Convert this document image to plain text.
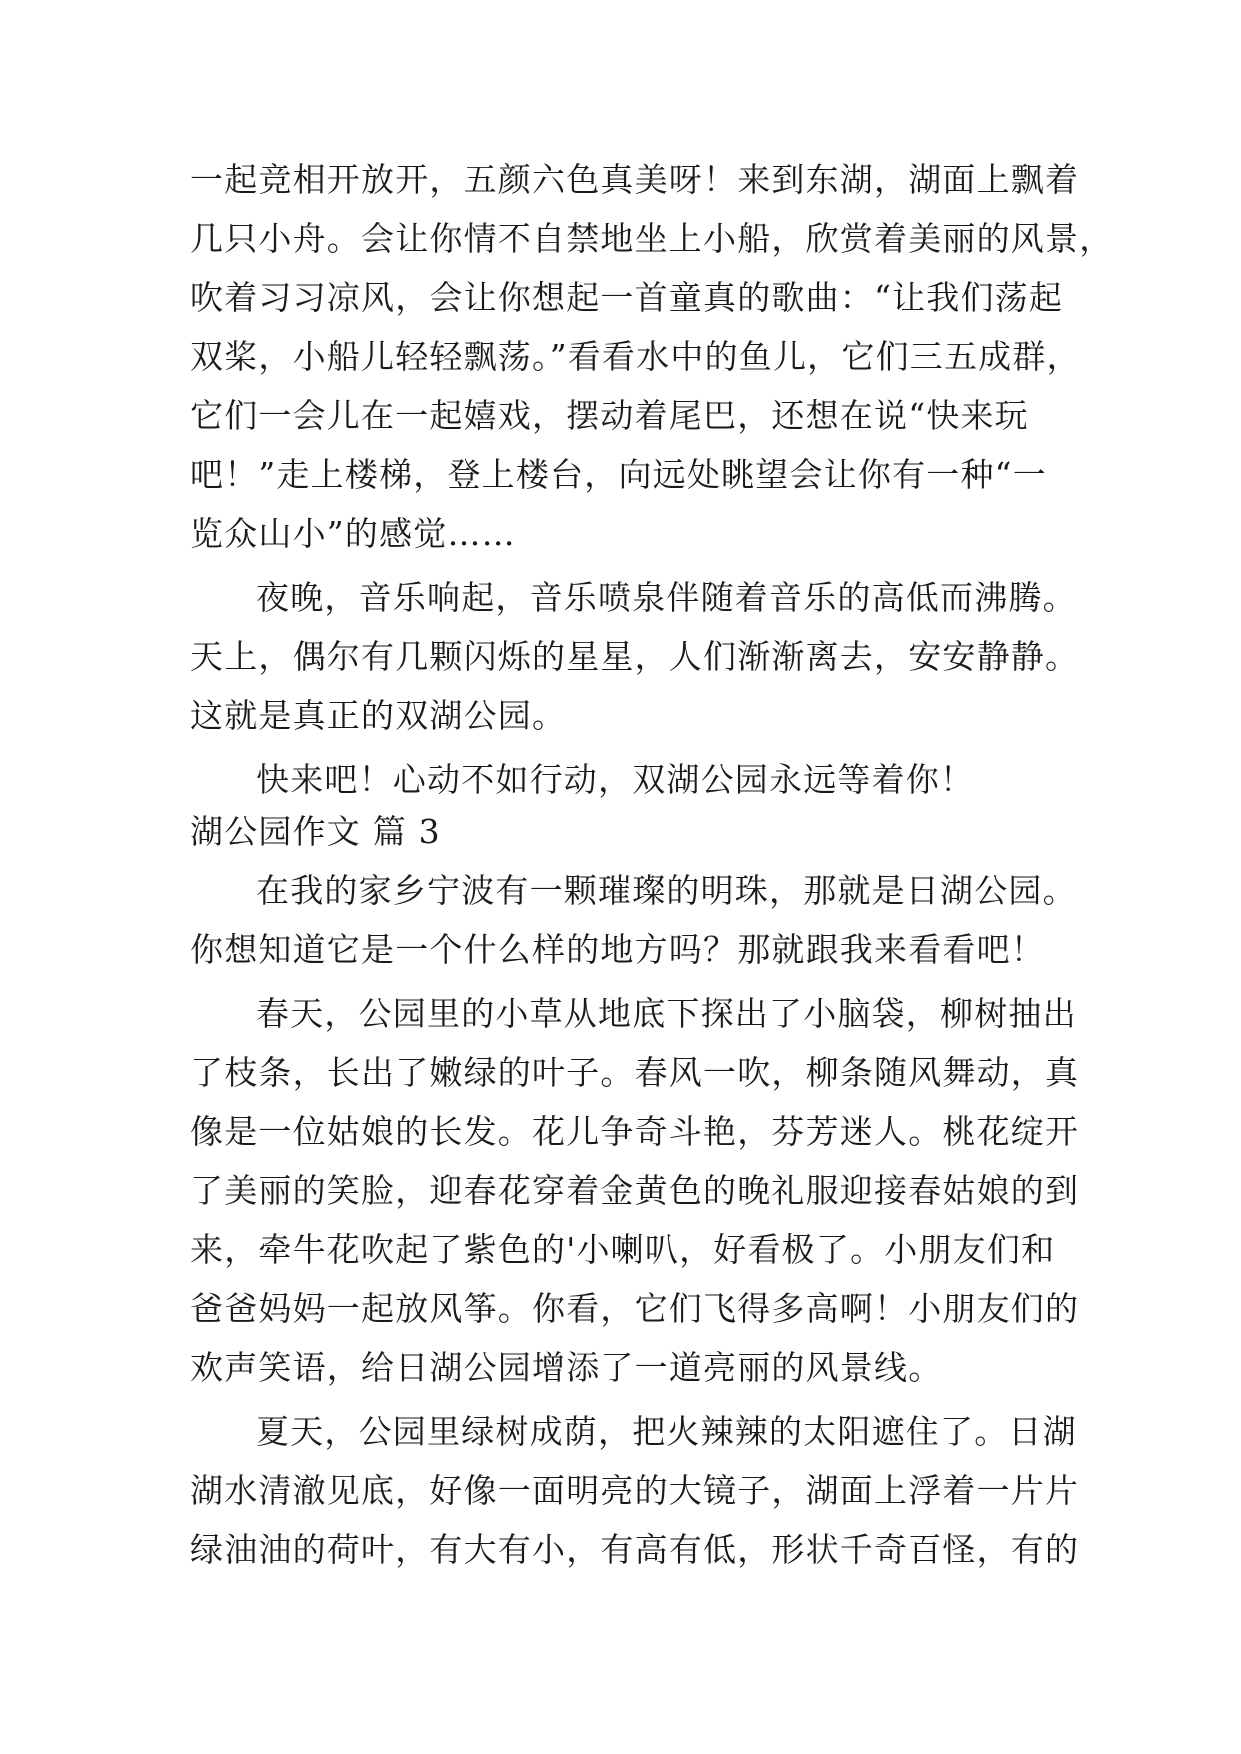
一起竞相开放开，五颜六色真美呀！来到东湖，湖面上飘着
几只小舟。会让你情不自禁地坐上小船，欣赏着美丽的风景，
吹着习习凉风，会让你想起一首童真的歌曲：“让我们荡起
双桨，小船儿轻轻飘荡。”看看水中的鱼儿，它们三五成群，
它们一会儿在一起嬉戏，摆动着尾巴，还想在说“快来玩
吧！”走上楼梯，登上楼台，向远处眺望会让你有一种“一
览众山小”的感觉……
夜晚，音乐响起，音乐喷泉伴随着音乐的高低而沸腾。
天上，偶尔有几颗闪烁的星星，人们渐渐离去，安安静静。
这就是真正的双湖公园。
快来吧！心动不如行动，双湖公园永远等着你！
湖公园作文 篇 3
在我的家乡宁波有一颗璀璨的明珠，那就是日湖公园。
你想知道它是一个什么样的地方吗？那就跟我来看看吧！
春天，公园里的小草从地底下探出了小脑袋，柳树抽出
了枝条，长出了嫩绿的叶子。春风一吹，柳条随风舞动，真
像是一位姑娘的长发。花儿争奇斗艳，芬芳迷人。桃花绽开
了美丽的笑脸，迎春花穿着金黄色的晚礼服迎接春姑娘的到
来，牵牛花吹起了紫色的'小喇叭，好看极了。小朋友们和
爸爸妈妈一起放风筝。你看，它们飞得多高啊！小朋友们的
欢声笑语，给日湖公园增添了一道亮丽的风景线。
夏天，公园里绿树成荫，把火辣辣的太阳遮住了。日湖
湖水清澈见底，好像一面明亮的大镜子，湖面上浮着一片片
绿油油的荷叶，有大有小，有高有低，形状千奇百怪，有的
